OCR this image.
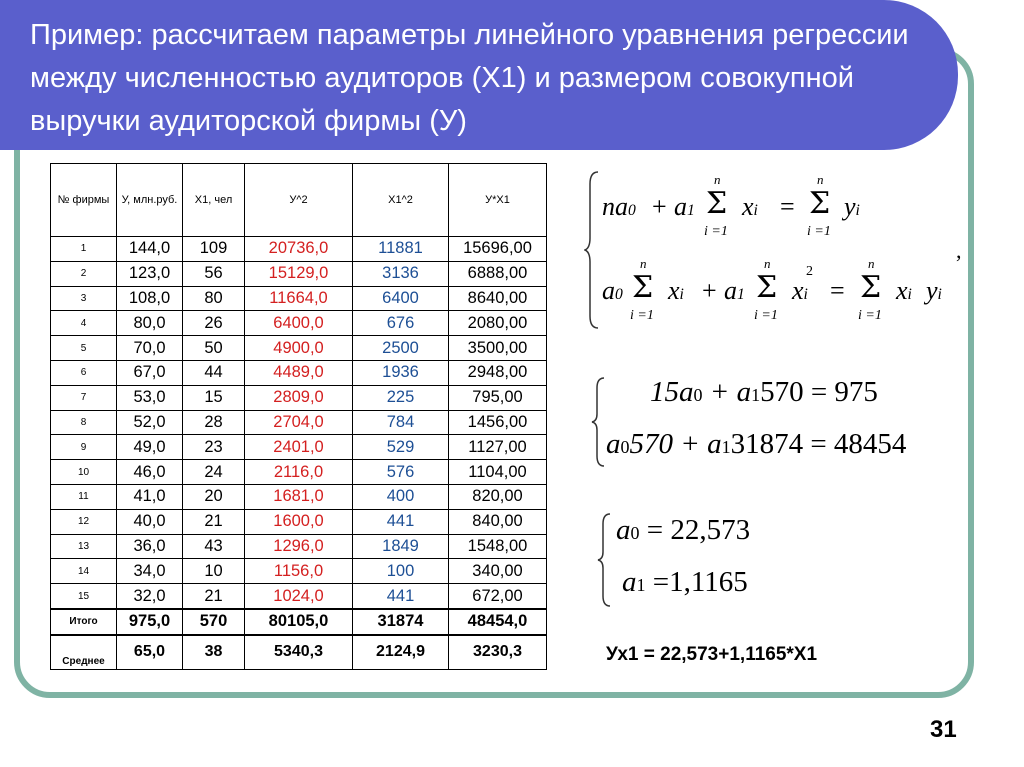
Пример: рассчитаем параметры линейного уравнения регрессии между численностью аудиторов (Х1) и размером совокупной выручки аудиторской фирмы (У)
№ фирмы	У, млн.руб.	Х1, чел	У^2	Х1^2	У*Х1
1	144,0	109	20736,0	11881	15696,00
2	123,0	56	15129,0	3136	6888,00
3	108,0	80	11664,0	6400	8640,00
4	80,0	26	6400,0	676	2080,00
5	70,0	50	4900,0	2500	3500,00
6	67,0	44	4489,0	1936	2948,00
7	53,0	15	2809,0	225	795,00
8	52,0	28	2704,0	784	1456,00
9	49,0	23	2401,0	529	1127,00
10	46,0	24	2116,0	576	1104,00
11	41,0	20	1681,0	400	820,00
12	40,0	21	1600,0	441	840,00
13	36,0	43	1296,0	1849	1548,00
14	34,0	10	1156,0	100	340,00
15	32,0	21	1024,0	441	672,00
Итого	975,0	570	80105,0	31874	48454,0
Среднее	65,0	38	5340,3	2124,9	3230,3
na0 + a1
n
Σ
i =1
xi =
n
Σ
i =1
yi
a0
n
Σ
i =1
xi + a1
n
Σ
i =1
xi
2
=
n
Σ
i =1
xi yi
,
15a0 + a1570 = 975
a0570 + a131874 = 48454
a0 = 22,573
a1 =1,1165
Ух1 = 22,573+1,1165*Х1
31
